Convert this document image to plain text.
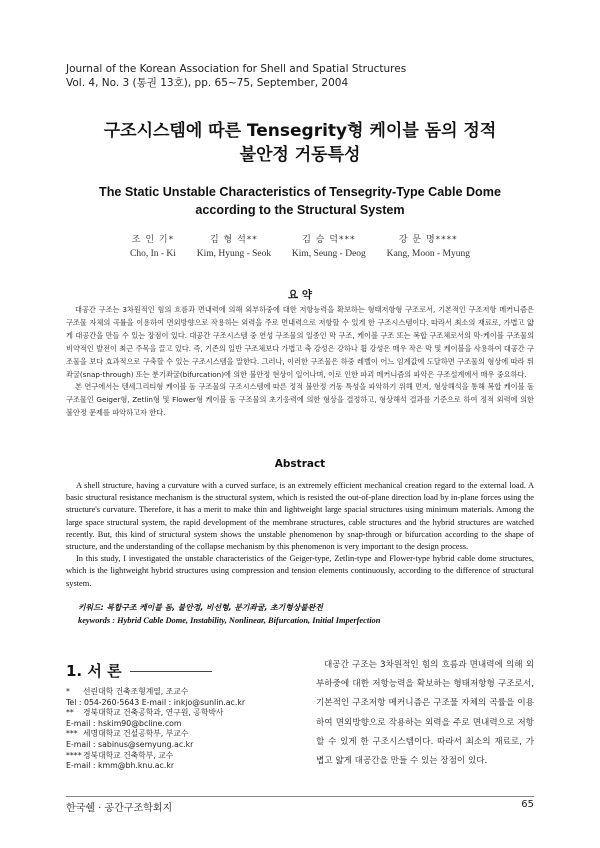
Journal of the Korean Association for Shell and Spatial Structures
Vol. 4, No. 3 (통권 13호), pp. 65~75, September, 2004
구조시스템에 따른 Tensegrity형 케이블 돔의 정적
불안정 거동특성
The Static Unstable Characteristics of Tensegrity-Type Cable Dome
according to the Structural System
조 인 기*
Cho, In - Ki
김 형 석**
Kim, Hyung - Seok
김 승 덕***
Kim, Seung - Deog
강 문 명****
Kang, Moon - Myung
요 약

대공간 구조는 3차원적인 힘의 흐름과 면내력에 의해 외부하중에 대한 저항능력을 확보하는 형태저항형 구조로서, 기본적인 구조저항 메커니즘은 구조물 자체의 곡률을 이용하여 면외방향으로 작용하는 외력을 주로 면내력으로 저항할 수 있게 한 구조시스템이다. 따라서 최소의 재료로, 가볍고 얇게 대공간을 만들 수 있는 장점이 있다. 대공간 구조시스템 중 연성 구조물의 일종인 막 구조, 케이블 구조 또는 복합 구조체로서의 막-케이블 구조물의 비약적인 발전이 최근 주목을 끌고 있다. 즉, 기존의 일반 구조체보다 가볍고 축 강성은 강하나 휨 강성은 매우 작은 막 및 케이블을 사용하여 대공간 구조물을 보다 효과적으로 구축할 수 있는 구조시스템을 말한다. 그러나, 이러한 구조물은 하중 레벨이 어느 임계값에 도달하면 구조물의 형상에 따라 뛰좌굴(snap-through) 또는 분기좌굴(bifurcation)에 의한 불안정 현상이 일어나며, 이로 인한 파괴 메커니즘의 파악은 구조설계에서 매우 중요하다.

본 연구에서는 텐세그리티형 케이블 돔 구조물의 구조시스템에 따른 정적 불안정 거동 특성을 파악하기 위해 먼저, 형상해석을 통해 복합 케이블 돔 구조물인 Geiger형, Zetlin형 및 Flower형 케이블 돔 구조물의 초기응력에 의한 형상을 결정하고, 형상해석 결과를 기준으로 하여 정적 외력에 의한 불안정 문제를 파악하고자 한다.

Abstract

A shell structure, having a curvature with a curved surface, is an extremely efficient mechanical creation regard to the external load. A basic structural resistance mechanism is the structural system, which is resisted the out-of-plane direction load by in-plane forces using the structure's curvature. Therefore, it has a merit to make thin and lightweight large spacial structures using minimum materials. Among the large space structural system, the rapid development of the membrane structures, cable structures and the hybrid structures are watched recently. But, this kind of structural system shows the unstable phenomenon by snap-through or bifurcation according to the shape of structure, and the understanding of the collapse mechanism by this phenomenon is very important to the design process.

In this study, I investigated the unstable characteristics of the Geiger-type, Zetlin-type and Flower-type hybrid cable dome structures, which is the lightweight hybrid structures using compression and tension elements continuously, according to the difference of structural system.

키워드: 복합구조 케이블 돔, 불안정, 비선형, 분기좌굴, 초기형상불완전
keywords : Hybrid Cable Dome, Instability, Nonlinear, Bifurcation, Initial Imperfection
1. 서 론
*	선린대학 건축조형계열, 조교수
Tel : 054-260-5643 E-mail : inkjo@sunlin.ac.kr
**	경북대학교 건축공학과, 연구원, 공학박사
E-mail : hskim90@bcline.com
*** 세명대학교 건설공학부, 부교수
E-mail : sabinus@semyung.ac.kr
**** 경북대학교 건축학부, 교수
E-mail : kmm@bh.knu.ac.kr

대공간 구조는 3차원적인 힘의 흐름과 면내력에 의해 외부하중에 대한 저항능력을 확보하는 형태저항형 구조로서, 기본적인 구조저항 메커니즘은 구조물 자체의 곡률을 이용하여 면외방향으로 작용하는 외력을 주로 면내력으로 저항할 수 있게 한 구조시스템이다. 따라서 최소의 재료로, 가볍고 얇게 대공간을 만들 수 있는 장점이 있다.

한국쉘 · 공간구조학회지	65
